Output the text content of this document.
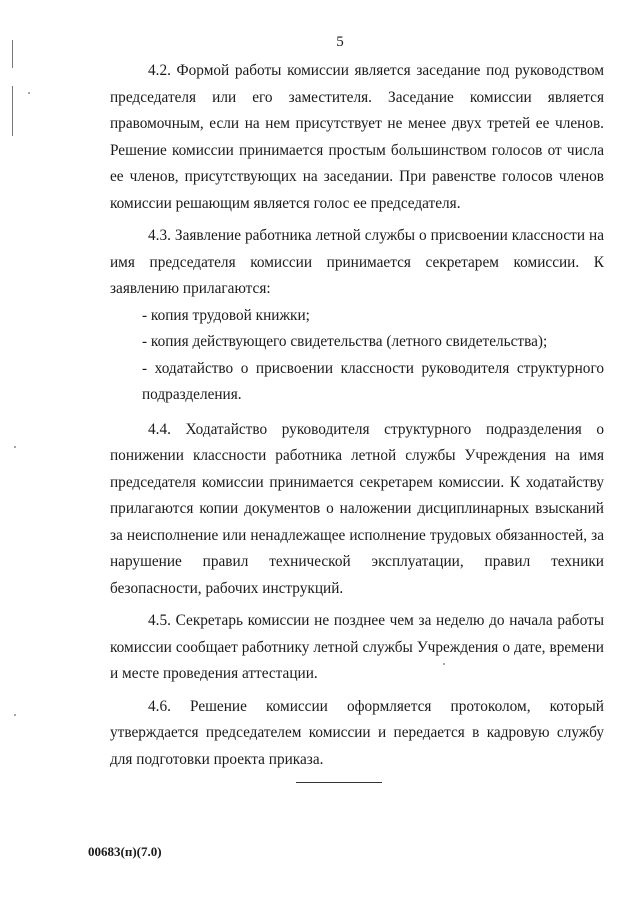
5

4.2. Формой работы комиссии является заседание под руководством председателя или его заместителя. Заседание комиссии является правомочным, если на нем присутствует не менее двух третей ее членов. Решение комиссии принимается простым большинством голосов от числа ее членов, присутствующих на заседании. При равенстве голосов членов комиссии решающим является голос ее председателя.

4.3. Заявление работника летной службы о присвоении классности на имя председателя комиссии принимается секретарем комиссии. К заявлению прилагаются:

- копия трудовой книжки;

- копия действующего свидетельства (летного свидетельства);

- ходатайство о присвоении классности руководителя структурного подразделения.

4.4. Ходатайство руководителя структурного подразделения о понижении классности работника летной службы Учреждения на имя председателя комиссии принимается секретарем комиссии. К ходатайству прилагаются копии документов о наложении дисциплинарных взысканий за неисполнение или ненадлежащее исполнение трудовых обязанностей, за нарушение правил технической эксплуатации, правил техники безопасности, рабочих инструкций.

4.5. Секретарь комиссии не позднее чем за неделю до начала работы комиссии сообщает работнику летной службы Учреждения о дате, времени и месте проведения аттестации.

4.6. Решение комиссии оформляется протоколом, который утверждается председателем комиссии и передается в кадровую службу для подготовки проекта приказа.

00683(п)(7.0)
